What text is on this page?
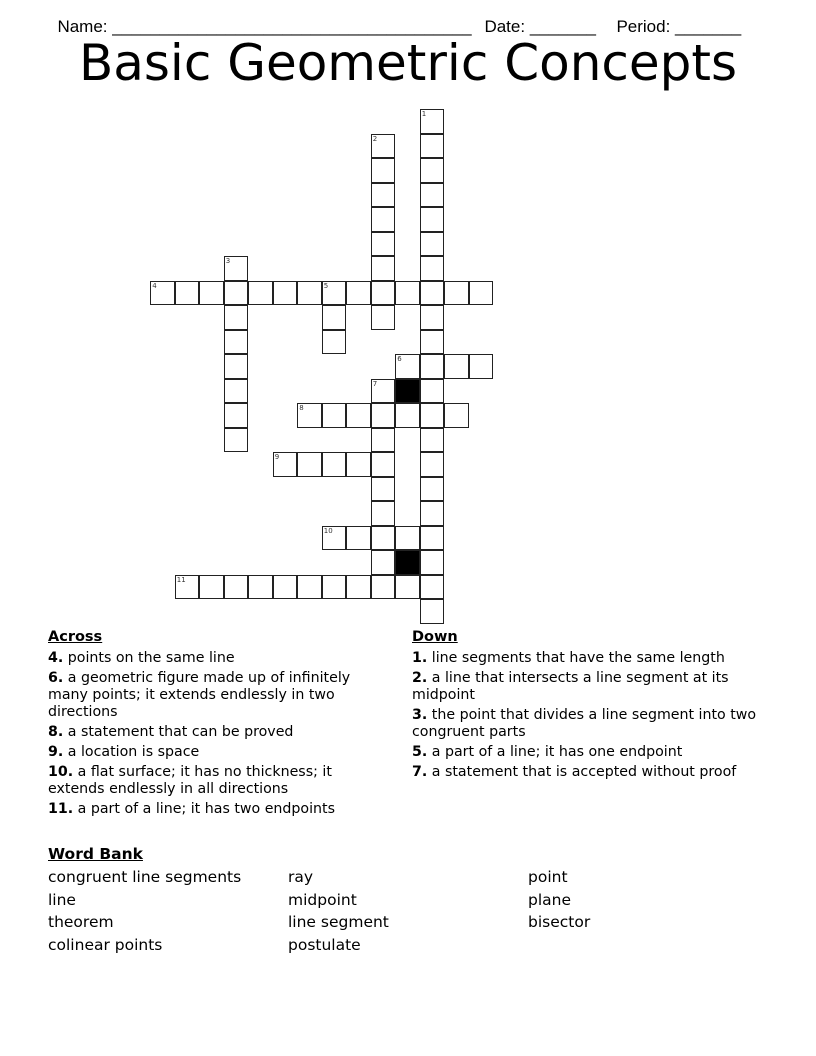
Name: ______________________________________ Date: _______	Period: _______

Basic Geometric Concepts
1
2
3
4	5
6
7
8
9
10
11
Across
4. points on the same line
6. a geometric figure made up of infinitely many points; it extends endlessly in two directions
8. a statement that can be proved
9. a location is space
10. a flat surface; it has no thickness; it extends endlessly in all directions
11. a part of a line; it has two endpoints
Down
1. line segments that have the same length
2. a line that intersects a line segment at its midpoint
3. the point that divides a line segment into two congruent parts
5. a part of a line; it has one endpoint
7. a statement that is accepted without proof
Word Bank
congruent line segments
line
theorem
colinear points
ray
midpoint
line segment
postulate
point
plane
bisector
